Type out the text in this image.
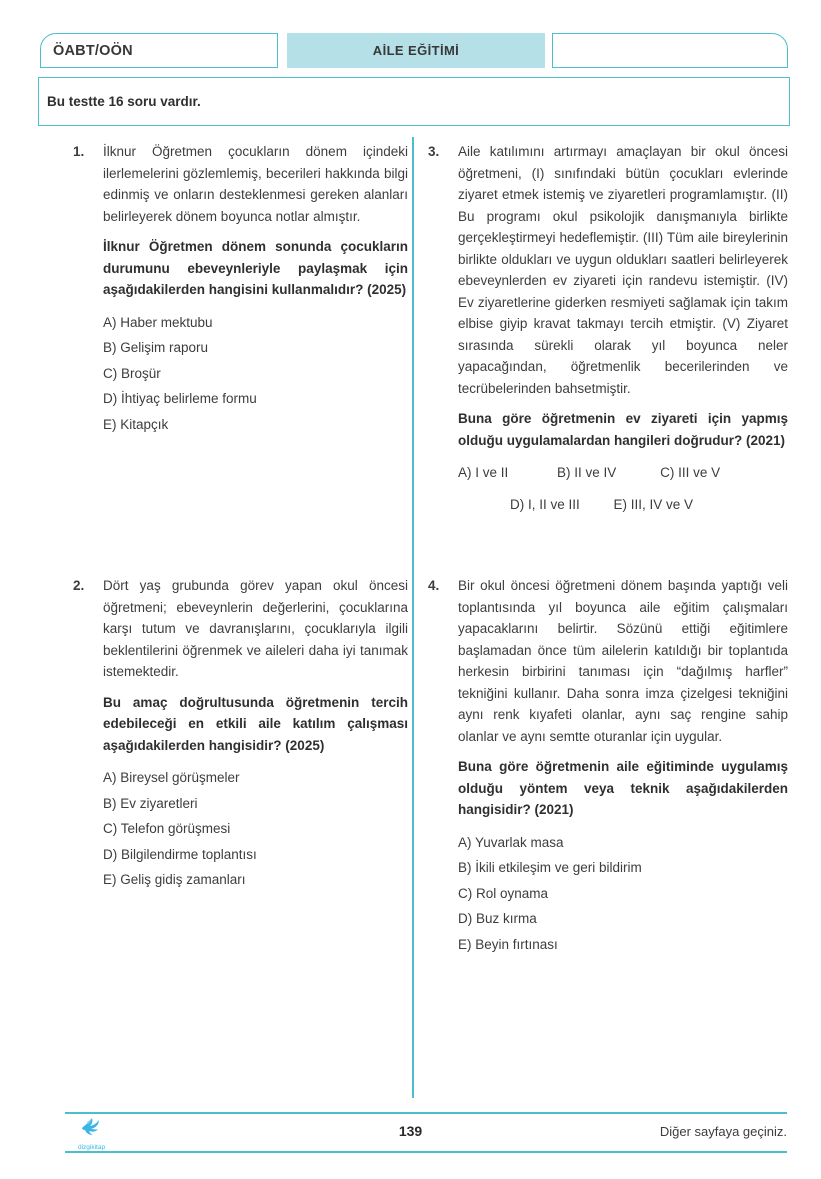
ÖABT/OÖN	AİLE EĞİTİMİ
Bu testte 16 soru vardır.
1.	İlknur Öğretmen çocukların dönem içindeki ilerlemelerini gözlemlemiş, becerileri hakkında bilgi edinmiş ve onların desteklenmesi gereken alanları belirleyerek dönem boyunca notlar almıştır.

İlknur Öğretmen dönem sonunda çocukların durumunu ebeveynleriyle paylaşmak için aşağıdakilerden hangisini kullanmalıdır? (2025)

A) Haber mektubu
B) Gelişim raporu
C) Broşür
D) İhtiyaç belirleme formu
E) Kitapçık
2.	Dört yaş grubunda görev yapan okul öncesi öğretmeni; ebeveynlerin değerlerini, çocuklarına karşı tutum ve davranışlarını, çocuklarıyla ilgili beklentilerini öğrenmek ve aileleri daha iyi tanımak istemektedir.

Bu amaç doğrultusunda öğretmenin tercih edebileceği en etkili aile katılım çalışması aşağıdakilerden hangisidir? (2025)

A) Bireysel görüşmeler
B) Ev ziyaretleri
C) Telefon görüşmesi
D) Bilgilendirme toplantısı
E) Geliş gidiş zamanları
3.	Aile katılımını artırmayı amaçlayan bir okul öncesi öğretmeni, (I) sınıfındaki bütün çocukları evlerinde ziyaret etmek istemiş ve ziyaretleri programlamıştır. (II) Bu programı okul psikolojik danışmanıyla birlikte gerçekleştirmeyi hedeflemiştir. (III) Tüm aile bireylerinin birlikte oldukları ve uygun oldukları saatleri belirleyerek ebeveynlerden ev ziyareti için randevu istemiştir. (IV) Ev ziyaretlerine giderken resmiyeti sağlamak için takım elbise giyip kravat takmayı tercih etmiştir. (V) Ziyaret sırasında sürekli olarak yıl boyunca neler yapacağından, öğretmenlik becerilerinden ve tecrübelerinden bahsetmiştir.

Buna göre öğretmenin ev ziyareti için yapmış olduğu uygulamalardan hangileri doğrudur? (2021)

A) I ve II	B) II ve IV	C) III ve V
D) I, II ve III	E) III, IV ve V
4.	Bir okul öncesi öğretmeni dönem başında yaptığı veli toplantısında yıl boyunca aile eğitim çalışmaları yapacaklarını belirtir. Sözünü ettiği eğitimlere başlamadan önce tüm ailelerin katıldığı bir toplantıda herkesin birbirini tanıması için “dağılmış harfler” tekniğini kullanır. Daha sonra imza çizelgesi tekniğini aynı renk kıyafeti olanlar, aynı saç rengine sahip olanlar ve aynı semtte oturanlar için uygular.

Buna göre öğretmenin aile eğitiminde uygulamış olduğu yöntem veya teknik aşağıdakilerden hangisidir? (2021)

A) Yuvarlak masa
B) İkili etkileşim ve geri bildirim
C) Rol oynama
D) Buz kırma
E) Beyin fırtınası
dizgikitap
139	Diğer sayfaya geçiniz.
